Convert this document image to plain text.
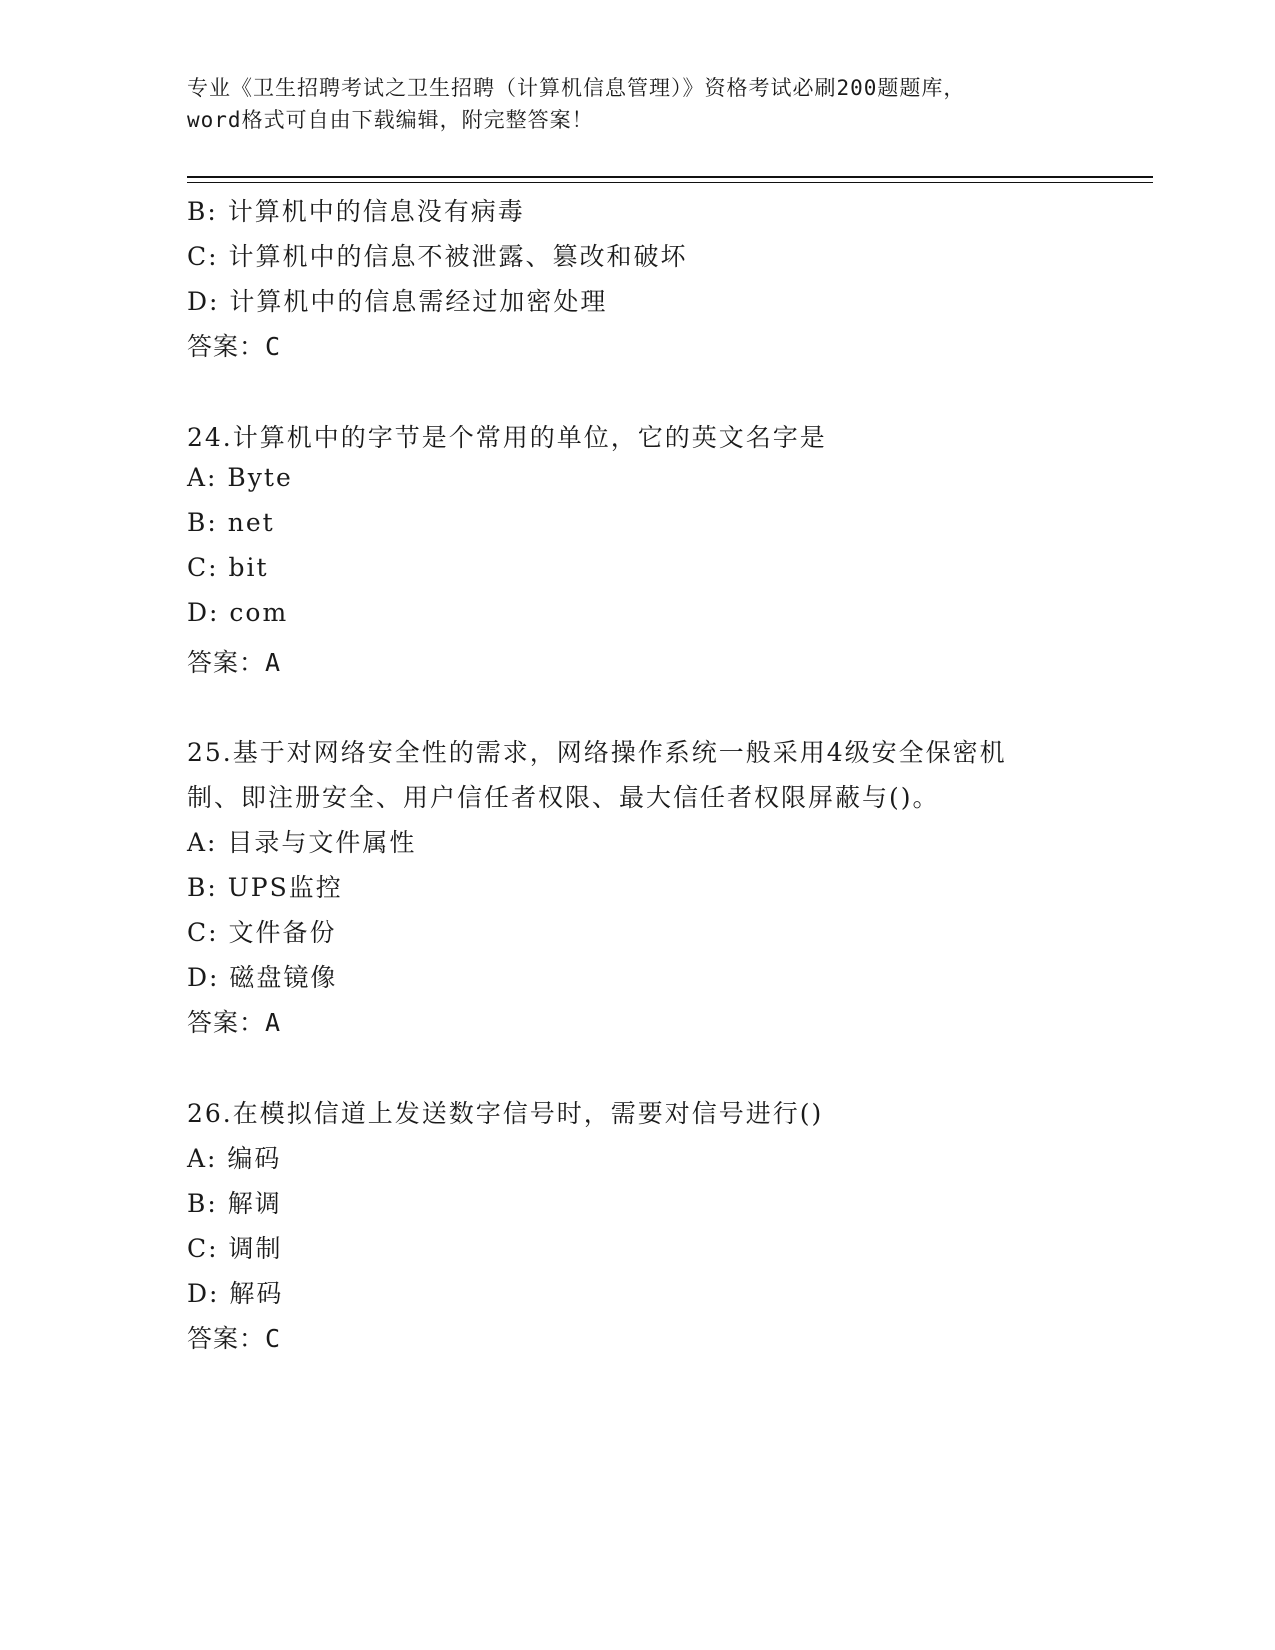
专业《卫生招聘考试之卫生招聘（计算机信息管理）》资格考试必刷200题题库，
word格式可自由下载编辑，附完整答案！
B: 计算机中的信息没有病毒
C: 计算机中的信息不被泄露、篡改和破坏
D: 计算机中的信息需经过加密处理
答案：C
24.计算机中的字节是个常用的单位，它的英文名字是
A: Byte
B: net
C: bit
D: com
答案：A
25.基于对网络安全性的需求，网络操作系统一般采用4级安全保密机
制、即注册安全、用户信任者权限、最大信任者权限屏蔽与()。
A: 目录与文件属性
B: UPS监控
C: 文件备份
D: 磁盘镜像
答案：A
26.在模拟信道上发送数字信号时，需要对信号进行()
A: 编码
B: 解调
C: 调制
D: 解码
答案：C
